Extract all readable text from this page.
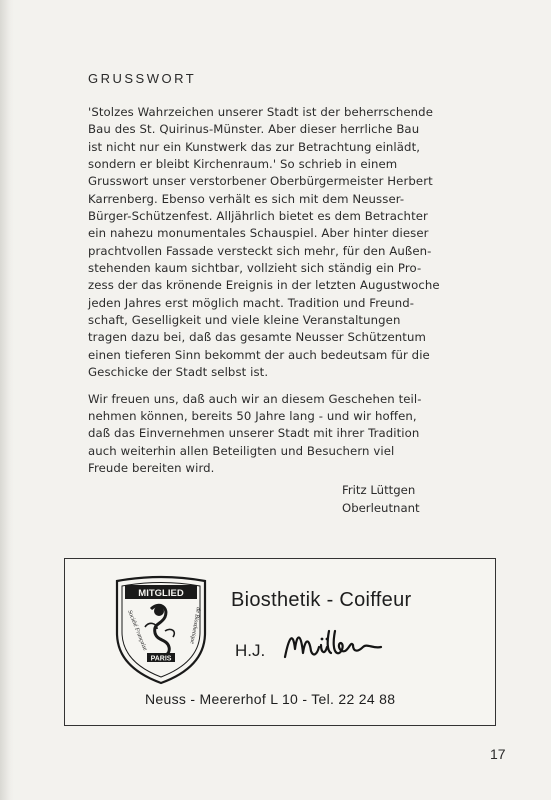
GRUSSWORT
'Stolzes Wahrzeichen unserer Stadt ist der beherrschende
Bau des St. Quirinus-Münster. Aber dieser herrliche Bau
ist nicht nur ein Kunstwerk das zur Betrachtung einlädt,
sondern er bleibt Kirchenraum.' So schrieb in einem
Grusswort unser verstorbener Oberbürgermeister Herbert
Karrenberg. Ebenso verhält es sich mit dem Neusser-
Bürger-Schützenfest. Alljährlich bietet es dem Betrachter
ein nahezu monumentales Schauspiel. Aber hinter dieser
prachtvollen Fassade versteckt sich mehr, für den Außen-
stehenden kaum sichtbar, vollzieht sich ständig ein Pro-
zess der das krönende Ereignis in der letzten Augustwoche
jeden Jahres erst möglich macht. Tradition und Freund-
schaft, Geselligkeit und viele kleine Veranstaltungen
tragen dazu bei, daß das gesamte Neusser Schützentum
einen tieferen Sinn bekommt der auch bedeutsam für die
Geschicke der Stadt selbst ist.
Wir freuen uns, daß auch wir an diesem Geschehen teil-
nehmen können, bereits 50 Jahre lang - und wir hoffen,
daß das Einvernehmen unserer Stadt mit ihrer Tradition
auch weiterhin allen Beteiligten und Besuchern viel
Freude bereiten wird.
Fritz Lüttgen
Oberleutnant
MITGLIED
Société Française	de Biosthetique
PARIS
Biosthetik - Coiffeur
H.J.
Neuss - Meererhof L 10 - Tel. 22 24 88
17
